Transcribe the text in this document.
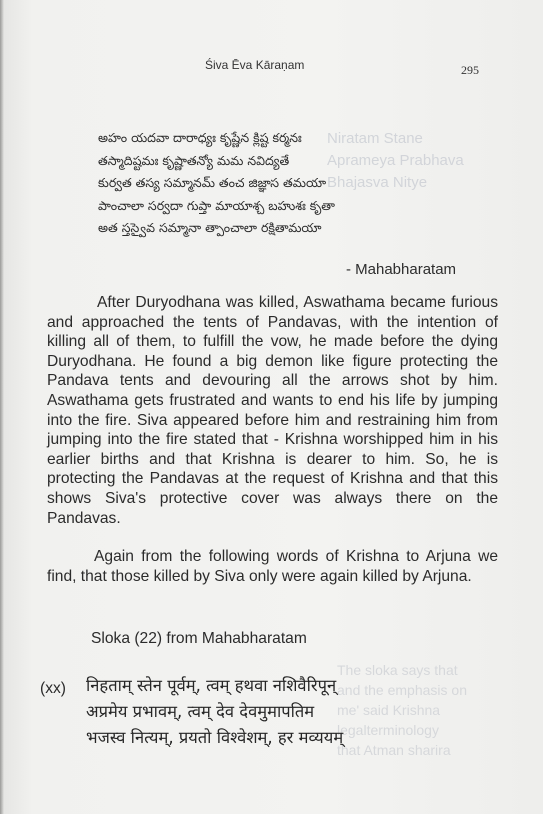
Niratam Stane
Aprameya Prabhava
Bhajasva Nitye
The sloka says that
and the emphasis on
me' said Krishna
legalterminology
that Atman sharira
Śiva Ēva Kāraṇam	295
అహం యదవా దారాధ్యః కృష్ణేన క్లిష్ట కర్మనః
తస్మాదిష్టమః కృష్ణాతన్యో మమ నవిద్యతే
కుర్వత తస్య సమ్మానమ్ తంచ జిజ్ఞాస తమయా
పాంచాలా సర్వదా గుప్తా మాయాశ్చ బహుశః కృతా
అత స్తస్వైవ సమ్మానా త్పాంచాలా రక్షితామయా
- Mahabharatam

After Duryodhana was killed, Aswathama became furious and approached the tents of Pandavas, with the intention of killing all of them, to fulfill the vow, he made before the dying Duryodhana. He found a big demon like figure protecting the Pandava tents and devouring all the arrows shot by him. Aswathama gets frustrated and wants to end his life by jumping into the fire. Siva appeared before him and restraining him from jumping into the fire stated that - Krishna worshipped him in his earlier births and that Krishna is dearer to him. So, he is protecting the Pandavas at the request of Krishna and that this shows Siva's protective cover was always there on the Pandavas.

Again from the following words of Krishna to Arjuna we find, that those killed by Siva only were again killed by Arjuna.

Sloka (22) from Mahabharatam
(xx) निहताम् स्तेन पूर्वम्, त्वम् हथवा नशिवैरिपून्
अप्रमेय प्रभावम्, त्वम् देव देवमुमापतिम
भजस्व नित्यम्, प्रयतो विश्वेशम्, हर मव्ययम्
